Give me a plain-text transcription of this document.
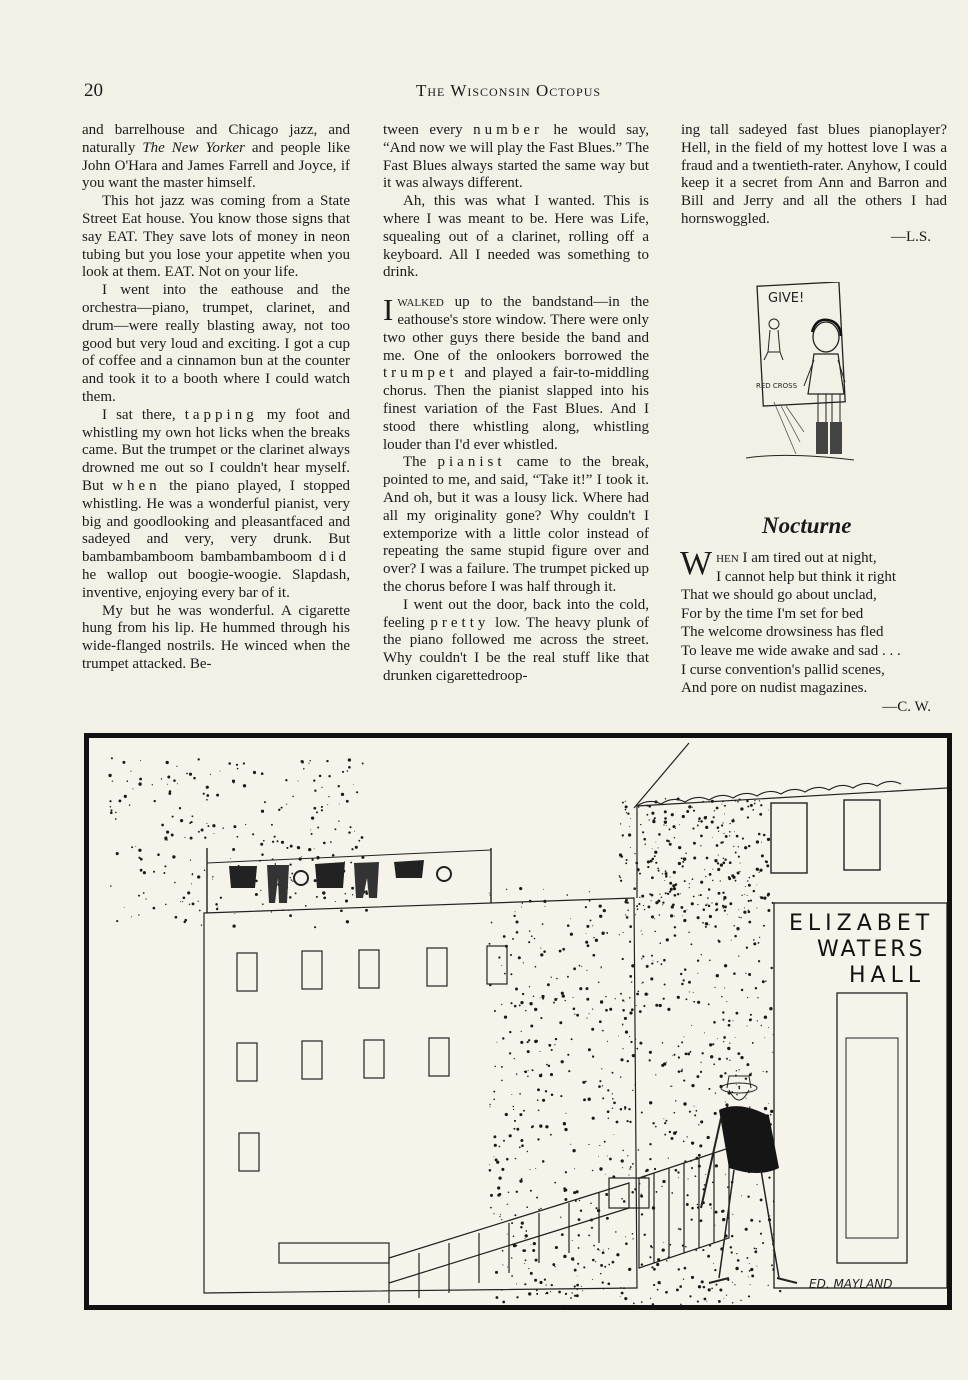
20	The Wisconsin Octopus

and barrelhouse and Chicago jazz, and naturally The New Yorker and people like John O'Hara and James Farrell and Joyce, if you want the master himself.

This hot jazz was coming from a State Street Eat house. You know those signs that say EAT. They save lots of money in neon tubing but you lose your appetite when you look at them. EAT. Not on your life.

I went into the eathouse and the orchestra—piano, trumpet, clarinet, and drum—were really blasting away, not too good but very loud and exciting. I got a cup of coffee and a cinnamon bun at the counter and took it to a booth where I could watch them.

I sat there, tapping my foot and whistling my own hot licks when the breaks came. But the trumpet or the clarinet always drowned me out so I couldn't hear myself. But when the piano played, I stopped whistling. He was a wonderful pianist, very big and goodlooking and pleasantfaced and sadeyed and very, very drunk. But bambambamboom bambambamboom did he wallop out boogie-woogie. Slapdash, inventive, enjoying every bar of it.

My but he was wonderful. A cigarette hung from his lip. He hummed through his wide-flanged nostrils. He winced when the trumpet attacked. Be-

tween every number he would say, “And now we will play the Fast Blues.” The Fast Blues always started the same way but it was always different.

Ah, this was what I wanted. This is where I was meant to be. Here was Life, squealing out of a clarinet, rolling off a keyboard. All I needed was something to drink.

Iwalked up to the bandstand—in the eathouse's store window. There were only two other guys there beside the band and me. One of the onlookers borrowed the trumpet and played a fair-to-middling chorus. Then the pianist slapped into his finest variation of the Fast Blues. And I stood there whistling along, whistling louder than I'd ever whistled.

The pianist came to the break, pointed to me, and said, “Take it!” I took it. And oh, but it was a lousy lick. Where had all my originality gone? Why couldn't I extemporize with a little color instead of repeating the same stupid figure over and over? I was a failure. The trumpet picked up the chorus before I was half through it.

I went out the door, back into the cold, feeling pretty low. The heavy plunk of the piano followed me across the street. Why couldn't I be the real stuff like that drunken cigarettedroop-

ing tall sadeyed fast blues pianoplayer? Hell, in the field of my hottest love I was a fraud and a twentieth-rater. Anyhow, I could keep it a secret from Ann and Barron and Bill and Jerry and all the others I had hornswoggled.

—L.S.
GIVE!
RED CROSS
Nocturne
When I am tired out at night,
I cannot help but think it right
That we should go about unclad,
For by the time I'm set for bed
The welcome drowsiness has fled
To leave me wide awake and sad . . .
I curse convention's pallid scenes,
And pore on nudist magazines.
—C. W.
ELIZABET
WATERS
HALL
ED. MAYLAND
